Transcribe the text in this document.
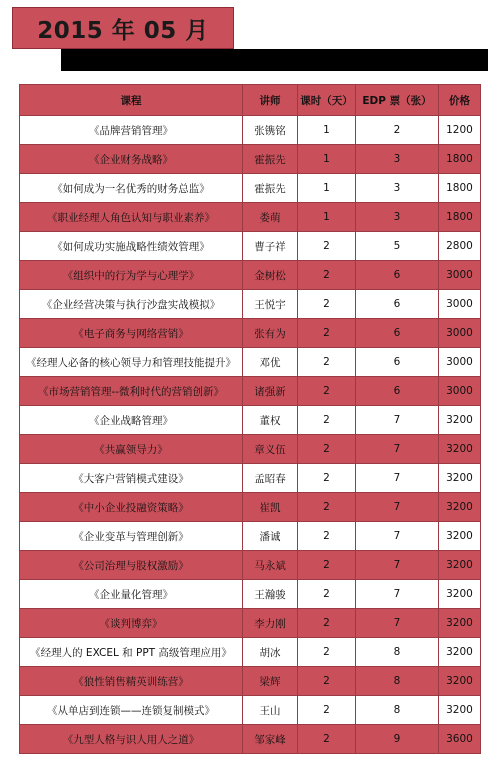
2015 年 05 月
课程	讲师	课时（天）	EDP 票（张）	价格
《品牌营销管理》	张镌铭	1	2	1200
《企业财务战略》	霍振先	1	3	1800
《如何成为一名优秀的财务总监》	霍振先	1	3	1800
《职业经理人角色认知与职业素养》	娄萌	1	3	1800
《如何成功实施战略性绩效管理》	曹子祥	2	5	2800
《组织中的行为学与心理学》	金树松	2	6	3000
《企业经营决策与执行沙盘实战模拟》	王悦宇	2	6	3000
《电子商务与网络营销》	张有为	2	6	3000
《经理人必备的核心领导力和管理技能提升》	邓优	2	6	3000
《市场营销管理--微利时代的营销创新》	诸强新	2	6	3000
《企业战略管理》	董权	2	7	3200
《共赢领导力》	章义伍	2	7	3200
《大客户营销模式建设》	孟昭春	2	7	3200
《中小企业投融资策略》	崔凯	2	7	3200
《企业变革与管理创新》	潘诚	2	7	3200
《公司治理与股权激励》	马永斌	2	7	3200
《企业量化管理》	王瀚骏	2	7	3200
《谈判博弈》	李力刚	2	7	3200
《经理人的 EXCEL 和 PPT 高级管理应用》	胡冰	2	8	3200
《狼性销售精英训练营》	梁辉	2	8	3200
《从单店到连锁——连锁复制模式》	王山	2	8	3200
《九型人格与识人用人之道》	邹家峰	2	9	3600
